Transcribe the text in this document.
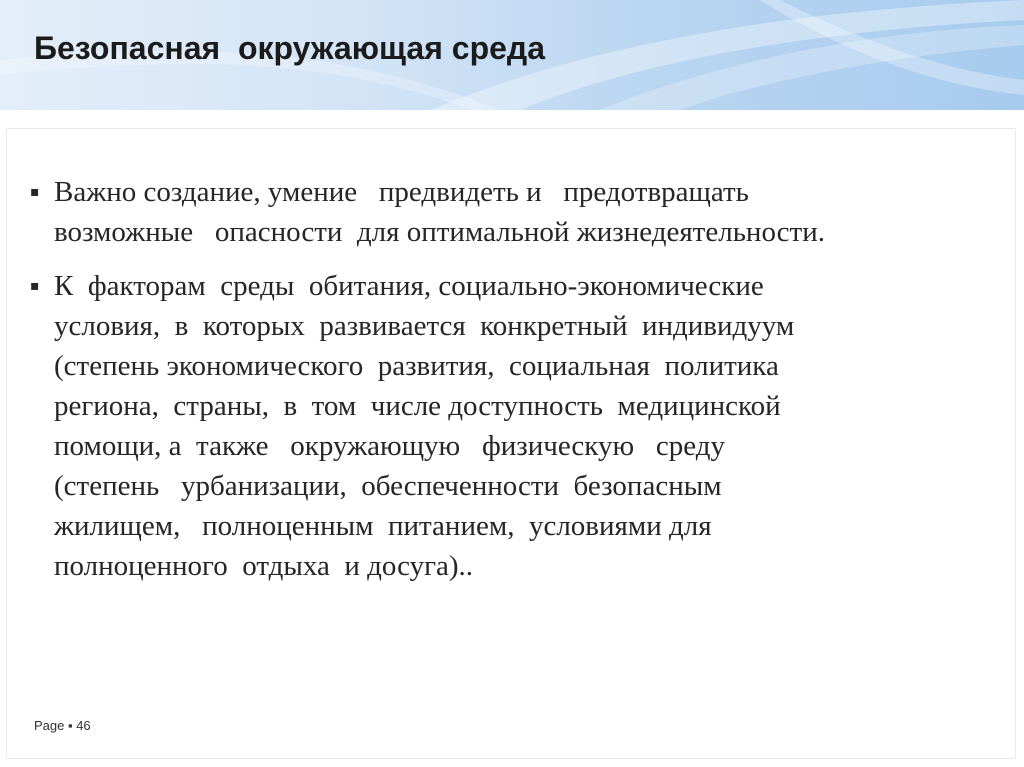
Безопасная  окружающая среда
▪ Важно создание, умение   предвидеть и   предотвращать
возможные   опасности  для оптимальной жизнедеятельности.
▪ К  факторам  среды  обитания, социально-экономические
условия,  в  которых  развивается  конкретный  индивидуум
(степень экономического  развития,  социальная  политика
региона,  страны,  в  том  числе доступность  медицинской
помощи, а  также   окружающую   физическую   среду
(степень   урбанизации,  обеспеченности  безопасным
жилищем,   полноценным  питанием,  условиями для
полноценного  отдыха  и досуга)..
Page ▪ 46
